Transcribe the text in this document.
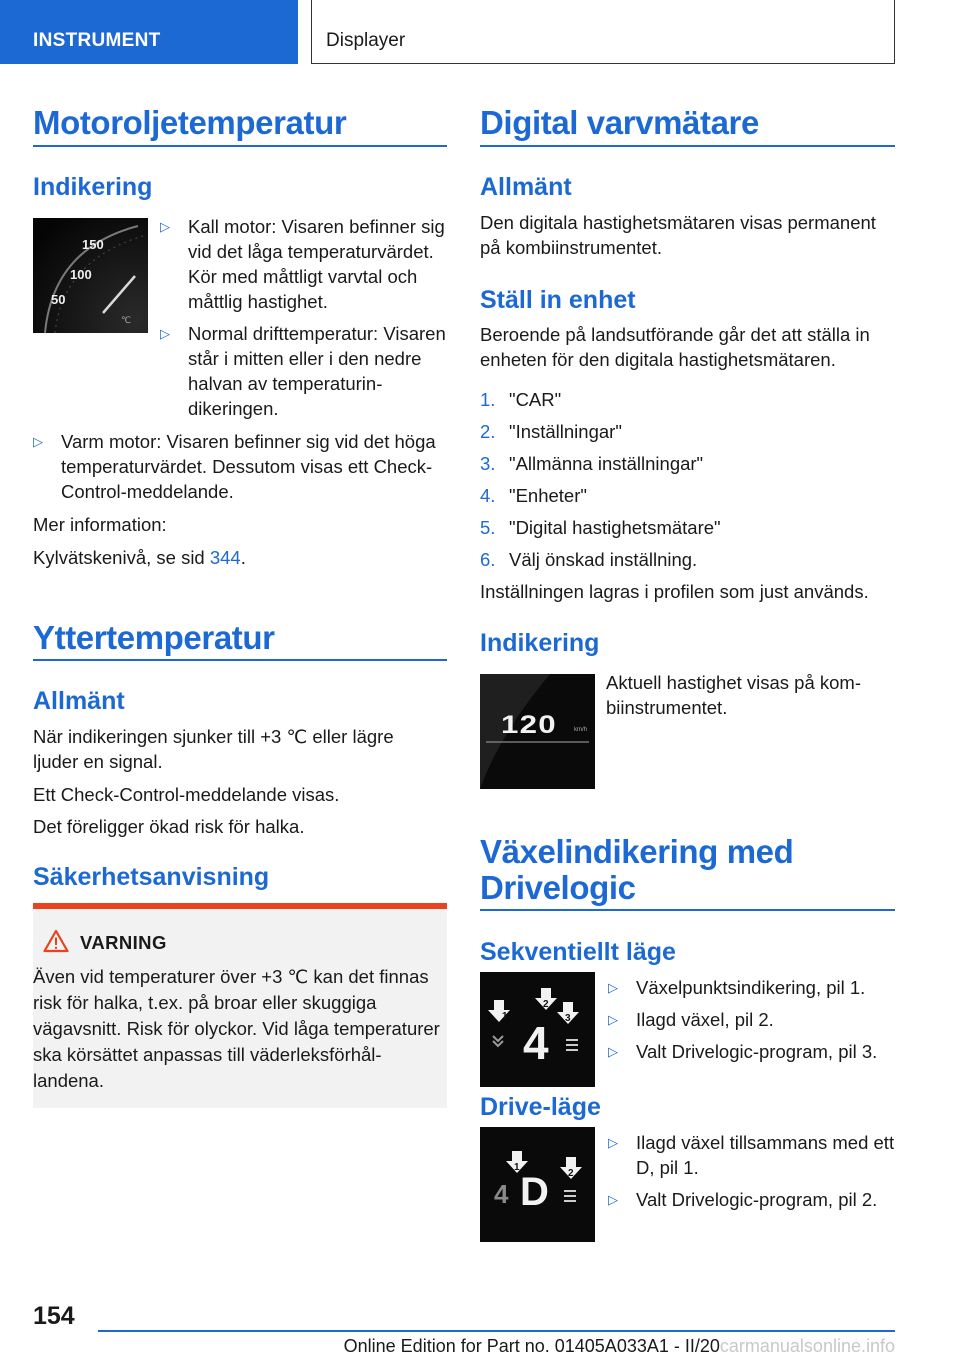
INSTRUMENT	Displayer
Motoroljetemperatur
Indikering
℃
150
100
50
▷ Kall motor: Visaren befinner sig vid det låga temperaturvärdet. Kör med måttligt varvtal och måttlig hastighet.
▷ Normal drifttemperatur: Visaren står i mitten eller i den nedre halvan av temperaturindikeringen.
▷ Varm motor: Visaren befinner sig vid det höga temperaturvärdet. Dessutom visas ett Check-Control-meddelande.
Mer information:
Kylvätskenivå, se sid 344.
Yttertemperatur
Allmänt
När indikeringen sjunker till +3 ℃ eller lägre ljuder en signal.
Ett Check-Control-meddelande visas.
Det föreligger ökad risk för halka.
Säkerhetsanvisning
VARNING
Även vid temperaturer över +3 ℃ kan det finnas risk för halka, t.ex. på broar eller skuggiga vägavsnitt. Risk för olyckor. Vid låga temperaturer ska körsättet anpassas till väderleksförhållandena.
Digital varvmätare
Allmänt
Den digitala hastighetsmätaren visas permanent på kombiinstrumentet.
Ställ in enhet
Beroende på landsutförande går det att ställa in enheten för den digitala hastighetsmätaren.
1. "CAR"
2. "Inställningar"
3. "Allmänna inställningar"
4. "Enheter"
5. "Digital hastighetsmätare"
6. Välj önskad inställning.
Inställningen lagras i profilen som just används.
Indikering
120	km/h
Aktuell hastighet visas på kombiinstrumentet.
Växelindikering med
Drivelogic
Sekventiellt läge
1
2
3
4
▷ Växelpunktsindikering, pil 1.
▷ Ilagd växel, pil 2.
▷ Valt Drivelogic-program, pil 3.
Drive-läge
1
2
4 D
▷ Ilagd växel tillsammans med ett D, pil 1.
▷ Valt Drivelogic-program, pil 2.
154
Online Edition for Part no. 01405A033A1 - II/20carmanualsonline.info
